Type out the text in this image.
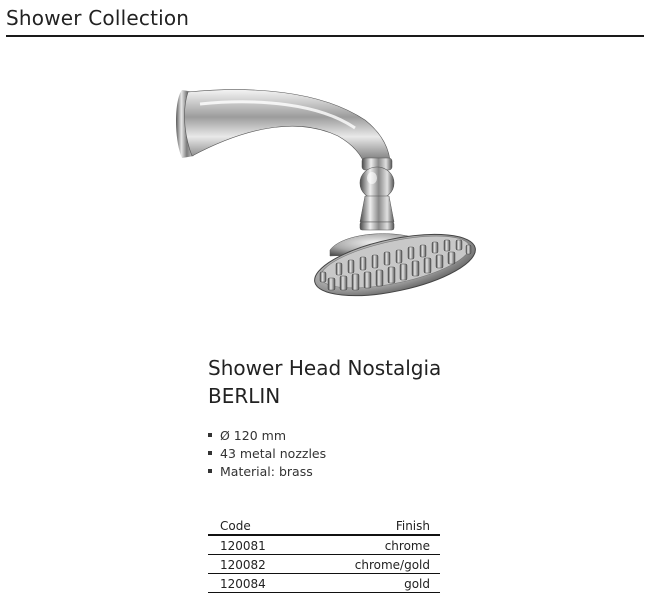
Shower Collection
Shower Head Nostalgia
BERLIN
Ø 120 mm
43 metal nozzles
Material: brass
Code	Finish
120081	chrome
120082	chrome/gold
120084	gold
